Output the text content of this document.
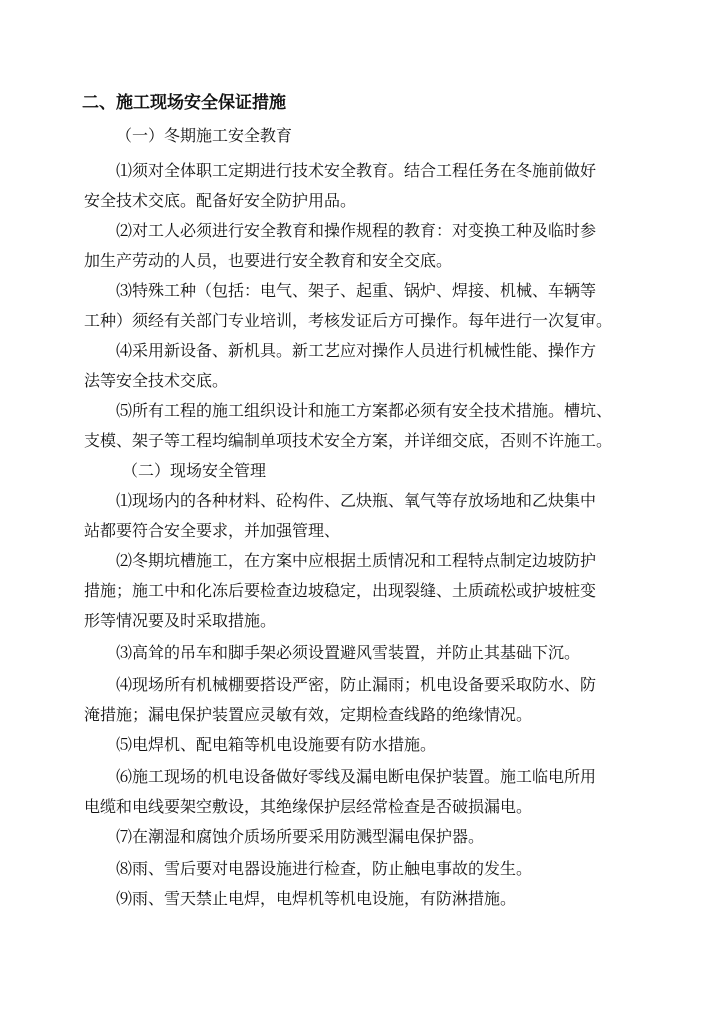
二、施工现场安全保证措施
（一）冬期施工安全教育
⑴须对全体职工定期进行技术安全教育。结合工程任务在冬施前做好
安全技术交底。配备好安全防护用品。
⑵对工人必须进行安全教育和操作规程的教育：对变换工种及临时参
加生产劳动的人员，也要进行安全教育和安全交底。
⑶特殊工种（包括：电气、架子、起重、锅炉、焊接、机械、车辆等
工种）须经有关部门专业培训，考核发证后方可操作。每年进行一次复审。
⑷采用新设备、新机具。新工艺应对操作人员进行机械性能、操作方
法等安全技术交底。
⑸所有工程的施工组织设计和施工方案都必须有安全技术措施。槽坑、
支模、架子等工程均编制单项技术安全方案，并详细交底，否则不许施工。
（二）现场安全管理
⑴现场内的各种材料、砼构件、乙炔瓶、氧气等存放场地和乙炔集中
站都要符合安全要求，并加强管理、
⑵冬期坑槽施工，在方案中应根据土质情况和工程特点制定边坡防护
措施；施工中和化冻后要检查边坡稳定，出现裂缝、土质疏松或护坡桩变
形等情况要及时采取措施。
⑶高耸的吊车和脚手架必须设置避风雪装置，并防止其基础下沉。
⑷现场所有机械棚要搭设严密，防止漏雨；机电设备要采取防水、防
淹措施；漏电保护装置应灵敏有效，定期检查线路的绝缘情况。
⑸电焊机、配电箱等机电设施要有防水措施。
⑹施工现场的机电设备做好零线及漏电断电保护装置。施工临电所用
电缆和电线要架空敷设，其绝缘保护层经常检查是否破损漏电。
⑺在潮湿和腐蚀介质场所要采用防溅型漏电保护器。
⑻雨、雪后要对电器设施进行检查，防止触电事故的发生。
⑼雨、雪天禁止电焊，电焊机等机电设施，有防淋措施。
